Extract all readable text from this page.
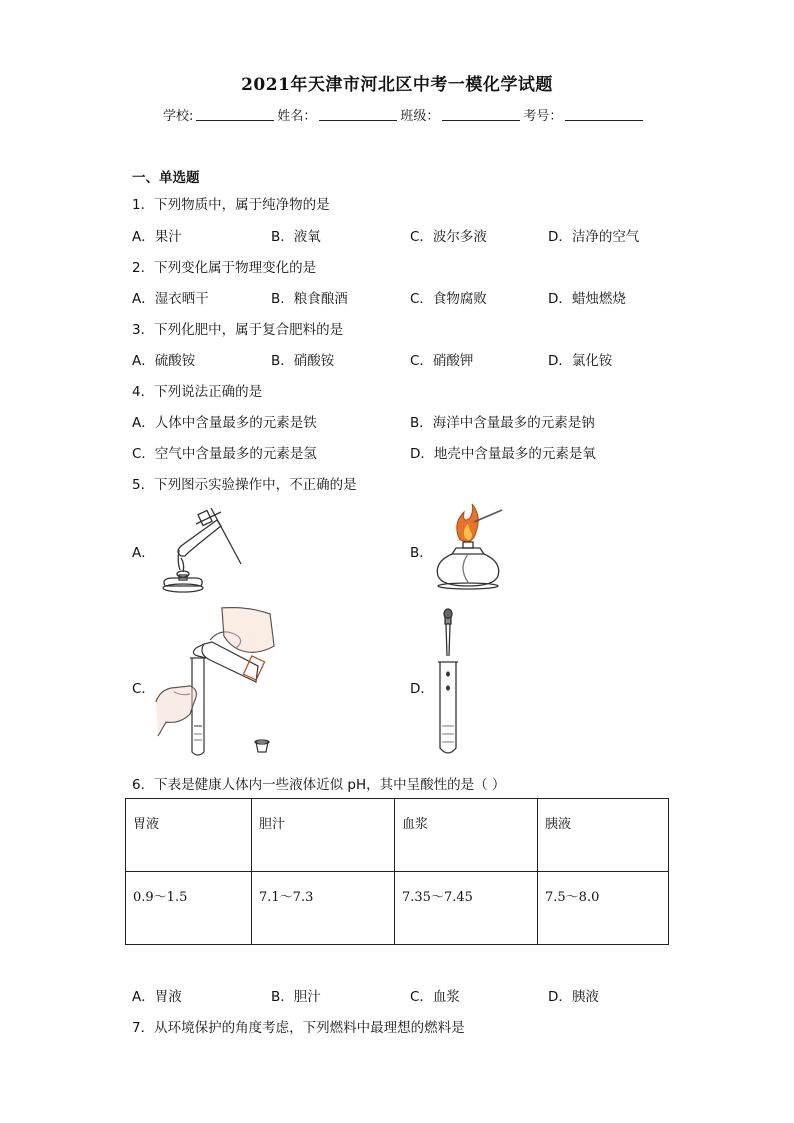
2021年天津市河北区中考一模化学试题
学校:	姓名：	班级：	考号：
一、单选题
1．下列物质中，属于纯净物的是
A．果汁	B．液氧	C．波尔多液	D．洁净的空气
2．下列变化属于物理变化的是
A．湿衣晒干	B．粮食酿酒	C．食物腐败	D．蜡烛燃烧
3．下列化肥中，属于复合肥料的是
A．硫酸铵	B．硝酸铵	C．硝酸钾	D．氯化铵
4．下列说法正确的是
A．人体中含量最多的元素是铁	B．海洋中含量最多的元素是钠
C．空气中含量最多的元素是氢	D．地壳中含量最多的元素是氧
5．下列图示实验操作中，不正确的是
A．	B．
C．	D．
6．下表是健康人体内一些液体近似 pH，其中呈酸性的是（ ）
胃液	胆汁	血浆	胰液
0.9～1.5	7.1～7.3	7.35～7.45	7.5～8.0
A．胃液	B．胆汁	C．血浆	D．胰液
7．从环境保护的角度考虑，下列燃料中最理想的燃料是
